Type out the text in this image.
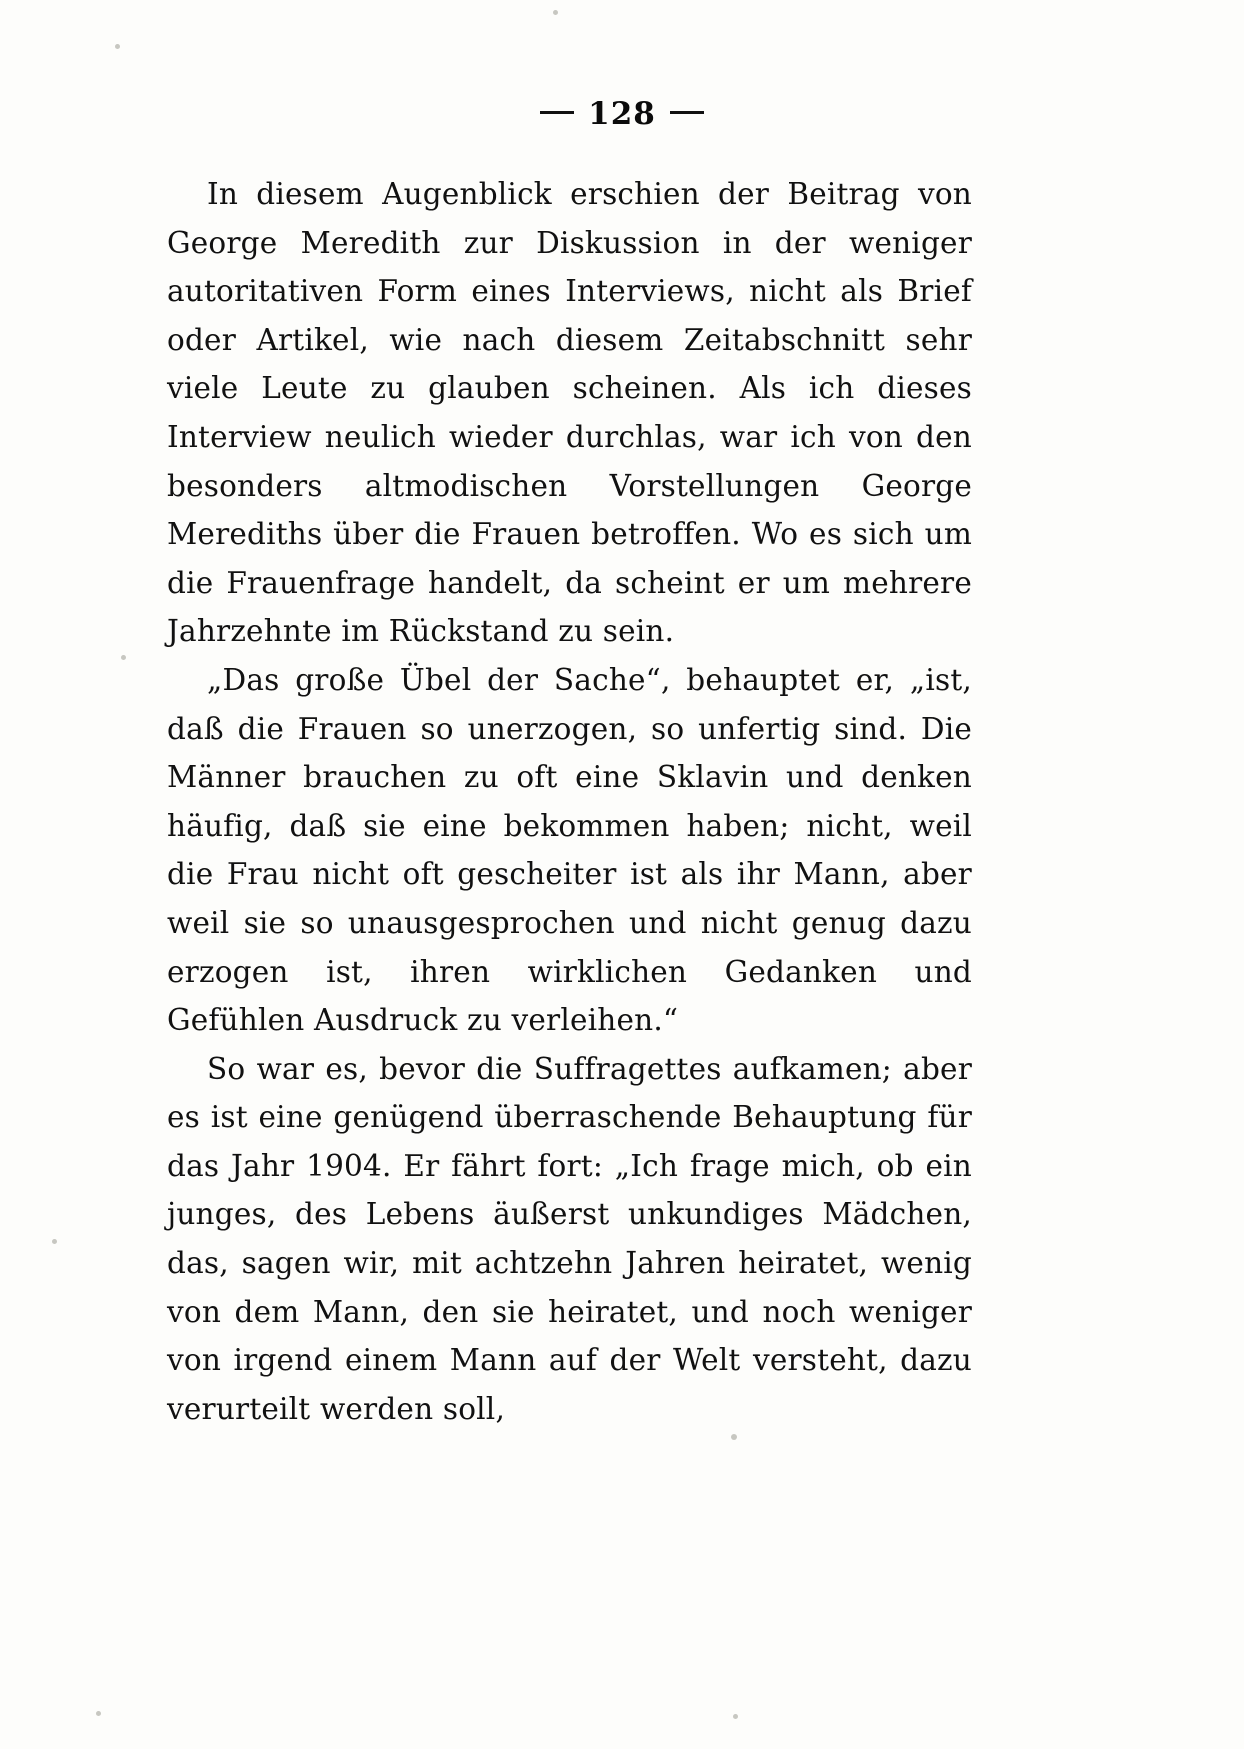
128

In diesem Augenblick erschien der Beitrag von George Meredith zur Diskussion in der weniger autoritativen Form eines Interviews, nicht als Brief oder Artikel, wie nach diesem Zeitabschnitt sehr viele Leute zu glauben scheinen. Als ich dieses Interview neulich wieder durchlas, war ich von den besonders altmodischen Vorstellungen George Merediths über die Frauen betroffen. Wo es sich um die Frauenfrage handelt, da scheint er um mehrere Jahrzehnte im Rückstand zu sein.

„Das große Übel der Sache“, behauptet er, „ist, daß die Frauen so unerzogen, so unfertig sind. Die Männer brauchen zu oft eine Sklavin und denken häufig, daß sie eine bekommen haben; nicht, weil die Frau nicht oft gescheiter ist als ihr Mann, aber weil sie so unausgesprochen und nicht genug dazu erzogen ist, ihren wirklichen Gedanken und Gefühlen Ausdruck zu verleihen.“

So war es, bevor die Suffragettes aufkamen; aber es ist eine genügend überraschende Behauptung für das Jahr 1904. Er fährt fort: „Ich frage mich, ob ein junges, des Lebens äußerst unkundiges Mädchen, das, sagen wir, mit achtzehn Jahren heiratet, wenig von dem Mann, den sie heiratet, und noch weniger von irgend einem Mann auf der Welt versteht, dazu verurteilt werden soll,
